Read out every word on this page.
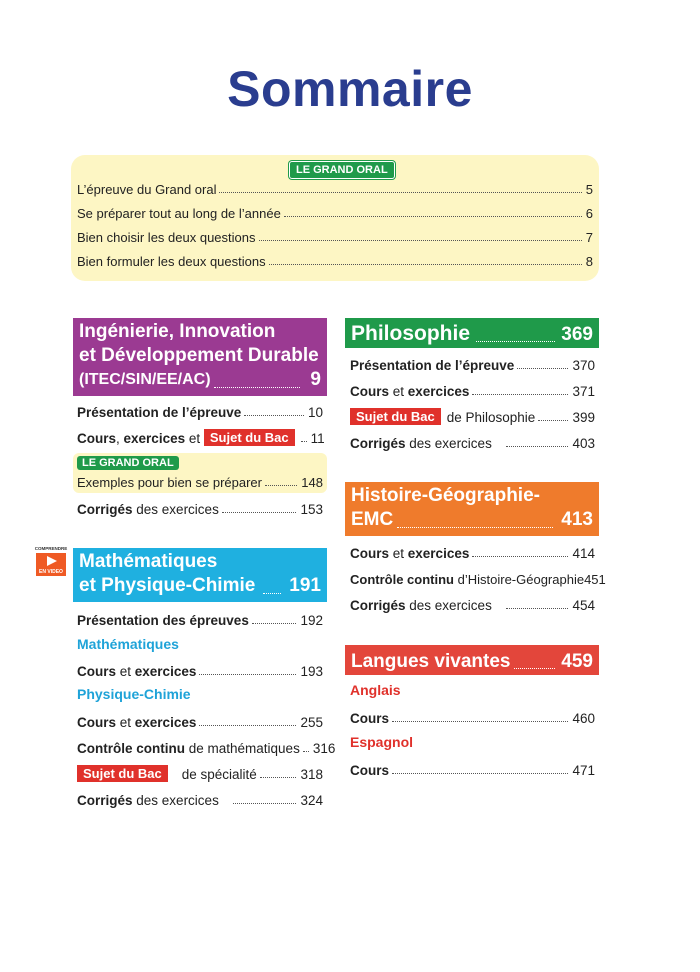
Sommaire
LE GRAND ORAL
L’épreuve du Grand oral	5
Se préparer tout au long de l’année	6
Bien choisir les deux questions	7
Bien formuler les deux questions	8
Ingénierie, Innovation
et Développement Durable
(ITEC/SIN/EE/AC)	9
Présentation de l’épreuve	10
Cours , exercices et Sujet du Bac	11
LE GRAND ORAL
Exemples pour bien se préparer	148
Corrigés des exercices	153
COMPRENDRE
EN VIDÉO Mathématiques
et Physique-Chimie 191
Présentation des épreuves	192
Mathématiques
Cours et exercices	193
Physique-Chimie
Cours et exercices	255
Contrôle continu de mathématiques 316
Sujet du Bac	de spécialité	318
Corrigés des exercices	324
Philosophie	369
Présentation de l’épreuve	370
Cours et exercices	371
Sujet du Bac de Philosophie	399
Corrigés des exercices	403
Histoire-Géographie-
EMC	413
Cours et exercices	414
Contrôle continu d’Histoire-Géographie 451
Corrigés des exercices	454
Langues vivantes	459
Anglais
Cours	460
Espagnol
Cours	471
